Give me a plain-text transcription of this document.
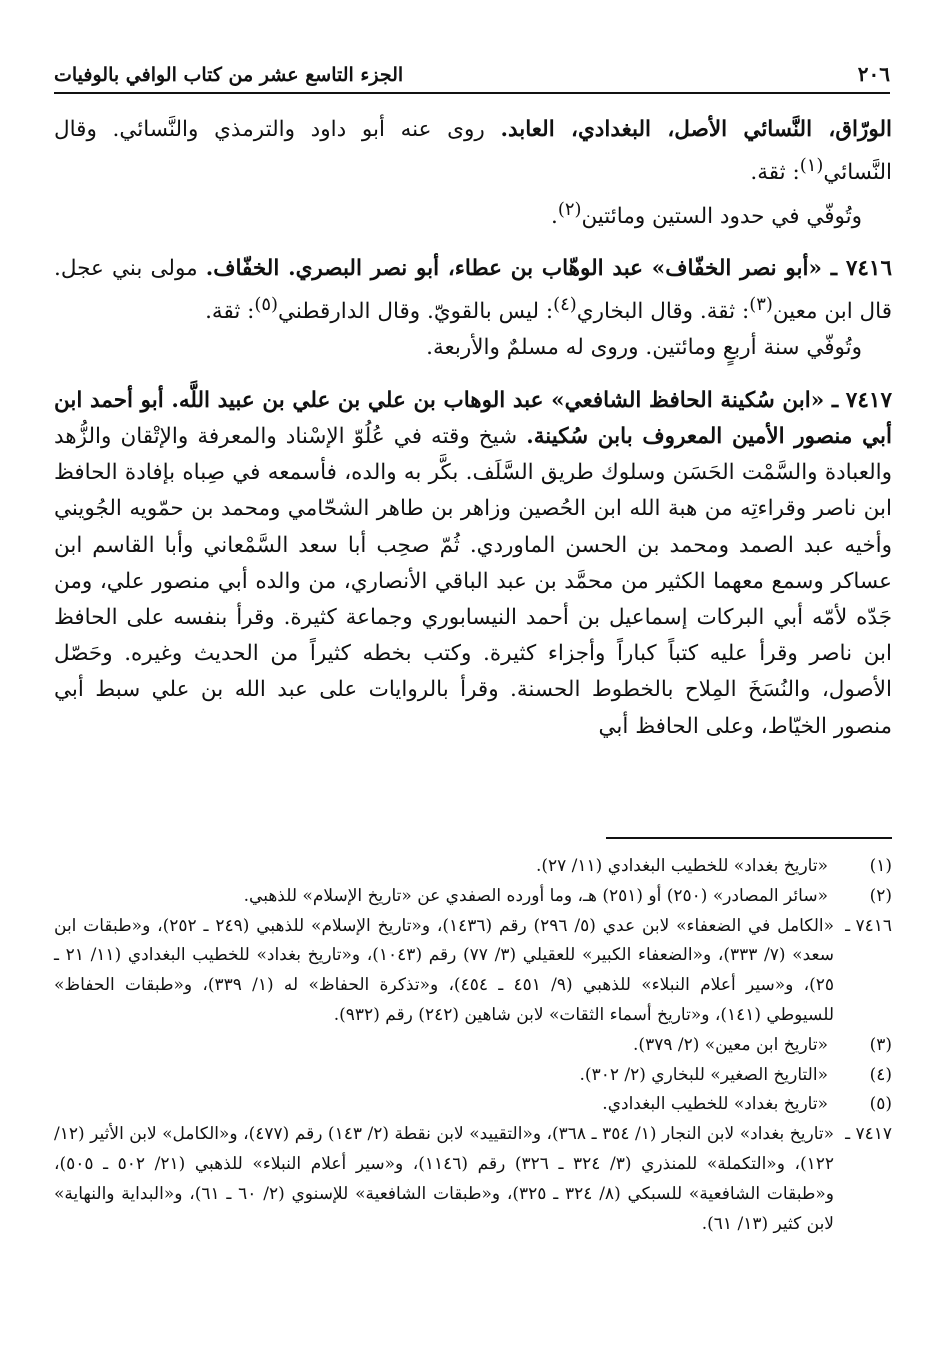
الجزء التاسع عشر من كتاب الوافي بالوفيات	٢٠٦

الورّاق، النَّسائي الأصل، البغدادي، العابد. روى عنه أبو داود والترمذي والنَّسائي. وقال النَّسائي$^{(١)}$: ثقة.

وتُوفّي في حدود الستين ومائتين$^{(٢)}$.

٧٤١٦ ـ «أبو نصر الخفّاف» عبد الوهّاب بن عطاء، أبو نصر البصري. الخفّاف. مولى بني عجل. قال ابن معين$^{(٣)}$: ثقة. وقال البخاري$^{(٤)}$: ليس بالقويّ. وقال الدارقطني$^{(٥)}$: ثقة.

وتُوفّي سنة أربعٍ ومائتين. وروى له مسلمٌ والأربعة.

٧٤١٧ ـ «ابن سُكينة الحافظ الشافعي» عبد الوهاب بن علي بن علي بن عبيد اللَّه. أبو أحمد ابن أبي منصور الأمين المعروف بابن سُكينة. شيخ وقته في عُلُوّ الإسْناد والمعرفة والإتْقان والزُّهد والعبادة والسَّمْت الحَسَن وسلوك طريق السَّلَف. بكَّر به والده، فأسمعه في صِباه بإفادة الحافظ ابن ناصر وقراءتِه من هبة الله ابن الحُصين وزاهر بن طاهر الشحّامي ومحمد بن حمّويه الجُويني وأخيه عبد الصمد ومحمد بن الحسن الماوردي. ثُمّ صحِب أبا سعد السَّمْعاني وأبا القاسم ابن عساكر وسمع معهما الكثير من محمَّد بن عبد الباقي الأنصاري، من والده أبي منصور علي، ومن جَدّه لأمّه أبي البركات إسماعيل بن أحمد النيسابوري وجماعة كثيرة. وقرأ بنفسه على الحافظ ابن ناصر وقرأ عليه كتباً كباراً وأجزاء كثيرة. وكتب بخطه كثيراً من الحديث وغيره. وحَصّل الأصول، والنُسَخَ المِلاح بالخطوط الحسنة. وقرأ بالروايات على عبد الله بن علي سبط أبي منصور الخيّاط، وعلى الحافظ أبي

(١)
«تاريخ بغداد» للخطيب البغدادي (١١/ ٢٧).
(٢)
«سائر المصادر» (٢٥٠) أو (٢٥١) هـ، وما أورده الصفدي عن «تاريخ الإسلام» للذهبي.
٧٤١٦ ـ
«الكامل في الضعفاء» لابن عدي (٥/ ٢٩٦) رقم (١٤٣٦)، و«تاريخ الإسلام» للذهبي (٢٤٩ ـ ٢٥٢)، و«طبقات ابن سعد» (٧/ ٣٣٣)، و«الضعفاء الكبير» للعقيلي (٣/ ٧٧) رقم (١٠٤٣)، و«تاريخ بغداد» للخطيب البغدادي (١١/ ٢١ ـ ٢٥)، و«سير أعلام النبلاء» للذهبي (٩/ ٤٥١ ـ ٤٥٤)، و«تذكرة الحفاظ» له (١/ ٣٣٩)، و«طبقات الحفاظ» للسيوطي (١٤١)، و«تاريخ أسماء الثقات» لابن شاهين (٢٤٢) رقم (٩٣٢).
(٣)
«تاريخ ابن معين» (٢/ ٣٧٩).
(٤)
«التاريخ الصغير» للبخاري (٢/ ٣٠٢).
(٥)
«تاريخ بغداد» للخطيب البغدادي.
٧٤١٧ ـ
«تاريخ بغداد» لابن النجار (١/ ٣٥٤ ـ ٣٦٨)، و«التقييد» لابن نقطة (٢/ ١٤٣) رقم (٤٧٧)، و«الكامل» لابن الأثير (١٢/ ١٢٢)، و«التكملة» للمنذري (٣/ ٣٢٤ ـ ٣٢٦) رقم (١١٤٦)، و«سير أعلام النبلاء» للذهبي (٢١/ ٥٠٢ ـ ٥٠٥)، و«طبقات الشافعية» للسبكي (٨/ ٣٢٤ ـ ٣٢٥)، و«طبقات الشافعية» للإسنوي (٢/ ٦٠ ـ ٦١)، و«البداية والنهاية» لابن كثير (١٣/ ٦١).
